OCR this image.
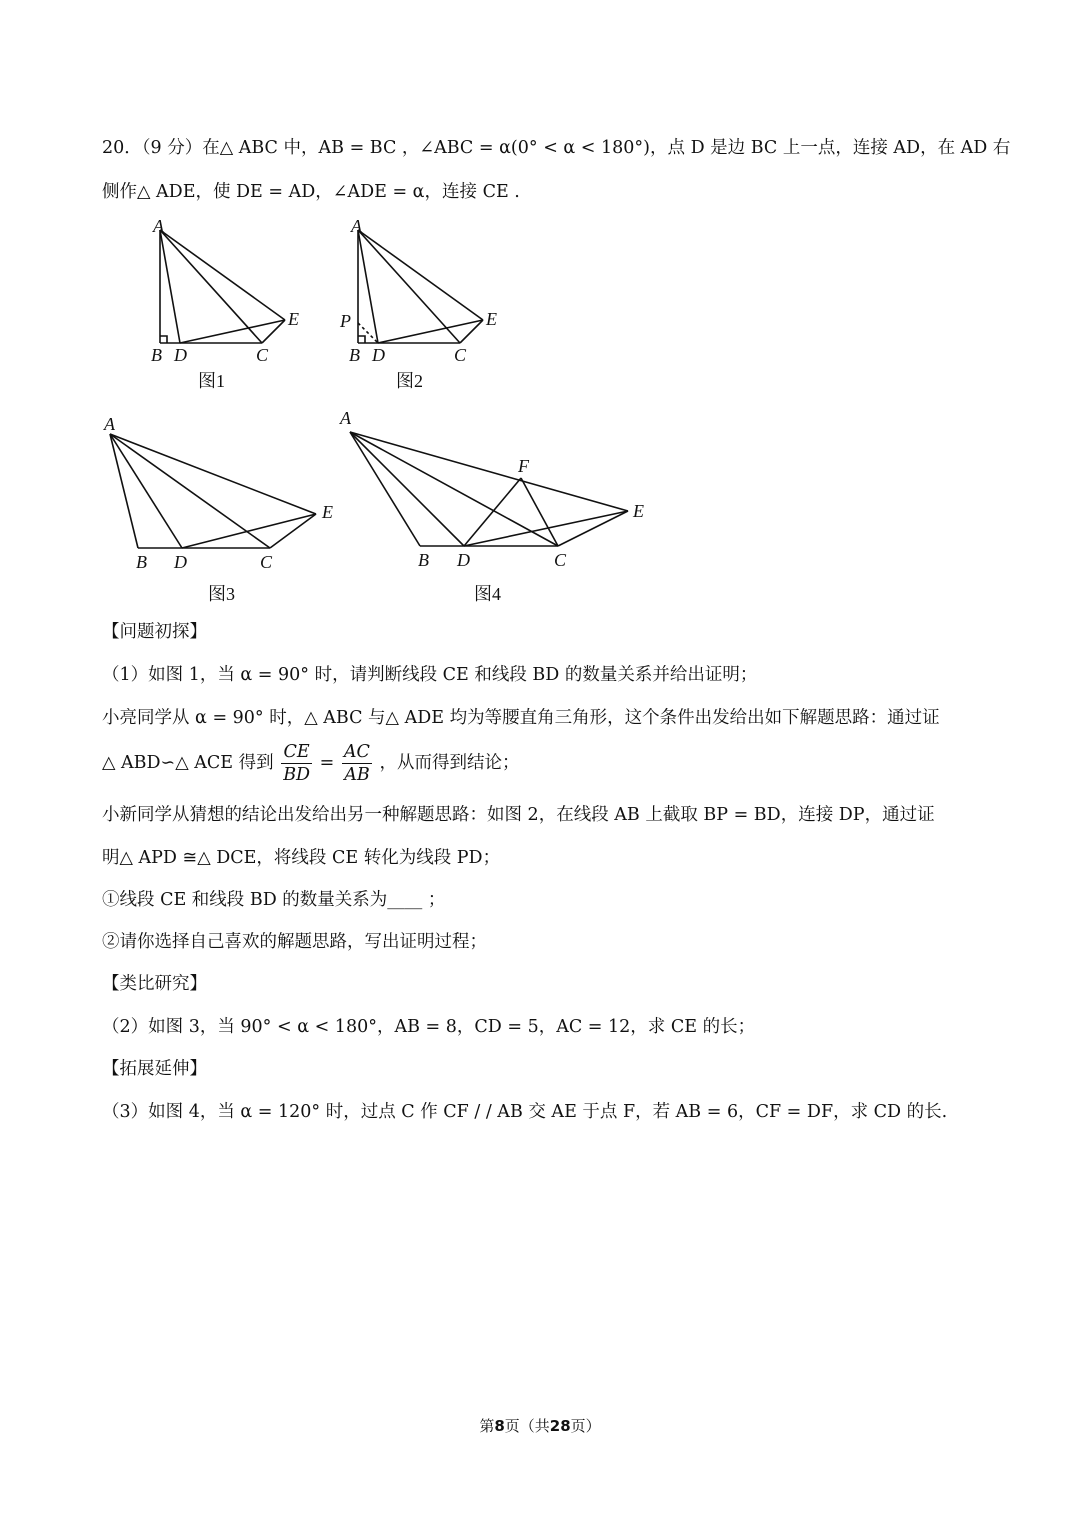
20．（9 分）在△ ABC 中，AB = BC ，∠ABC = α(0° < α < 180°)，点 D 是边 BC 上一点，连接 AD，在 AD 右
侧作△ ADE，使 DE = AD，∠ADE = α，连接 CE .
A
B D	C
E
图1
A
P
B D	C
E
图2
A
B D	C
E
图3
A
F
B D	C
E
图4
【问题初探】
（1）如图 1，当 α = 90° 时，请判断线段 CE 和线段 BD 的数量关系并给出证明；
小亮同学从 α = 90° 时，△ ABC 与△ ADE 均为等腰直角三角形，这个条件出发给出如下解题思路：通过证
△ ABD∽△ ACE 得到 $\frac{CE}{BD} = \frac{AC}{AB}$ ，从而得到结论；
小新同学从猜想的结论出发给出另一种解题思路：如图 2，在线段 AB 上截取 BP = BD，连接 DP，通过证
明△ APD ≅△ DCE，将线段 CE 转化为线段 PD；
①线段 CE 和线段 BD 的数量关系为____ ；
②请你选择自己喜欢的解题思路，写出证明过程；
【类比研究】
（2）如图 3，当 90° < α < 180°，AB = 8，CD = 5，AC = 12，求 CE 的长；
【拓展延伸】
（3）如图 4，当 α = 120° 时，过点 C 作 CF / / AB 交 AE 于点 F，若 AB = 6，CF = DF，求 CD 的长.
第8页（共28页）
